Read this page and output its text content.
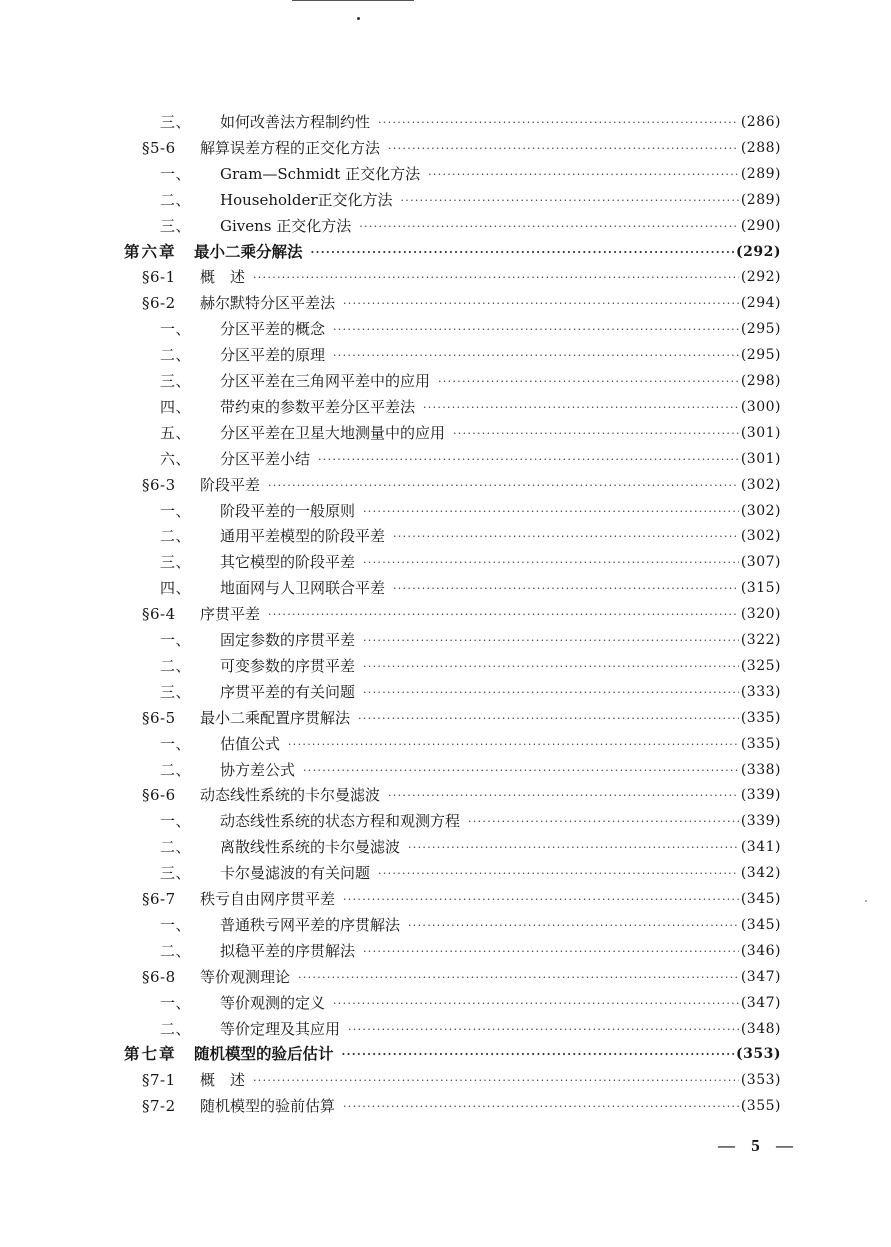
三、	如何改善法方程制约性 ·····	(286)
§5-6	解算误差方程的正交化方法 ·····	(288)
一、	Gram—Schmidt 正交化方法 ·····	(289)
二、	Householder正交化方法 ·····	(289)
三、	Givens 正交化方法 ·····	(290)
第六章	最小二乘分解法 ·····	(292)
§6-1	概　述 ·····	(292)
§6-2	赫尔默特分区平差法 ·····	(294)
一、	分区平差的概念 ·····	(295)
二、	分区平差的原理 ·····	(295)
三、	分区平差在三角网平差中的应用 ·····	(298)
四、	带约束的参数平差分区平差法 ·····	(300)
五、	分区平差在卫星大地测量中的应用 ·····	(301)
六、	分区平差小结 ·····	(301)
§6-3	阶段平差 ·····	(302)
一、	阶段平差的一般原则 ·····	(302)
二、	通用平差模型的阶段平差 ·····	(302)
三、	其它模型的阶段平差 ·····	(307)
四、	地面网与人卫网联合平差 ·····	(315)
§6-4	序贯平差 ·····	(320)
一、	固定参数的序贯平差 ·····	(322)
二、	可变参数的序贯平差 ·····	(325)
三、	序贯平差的有关问题 ·····	(333)
§6-5	最小二乘配置序贯解法 ·····	(335)
一、	估值公式 ·····	(335)
二、	协方差公式 ·····	(338)
§6-6	动态线性系统的卡尔曼滤波 ·····	(339)
一、	动态线性系统的状态方程和观测方程 ·····	(339)
二、	离散线性系统的卡尔曼滤波 ·····	(341)
三、	卡尔曼滤波的有关问题 ·····	(342)
§6-7	秩亏自由网序贯平差 ·····	(345)
一、	普通秩亏网平差的序贯解法 ·····	(345)
二、	拟稳平差的序贯解法 ·····	(346)
§6-8	等价观测理论 ·····	(347)
一、	等价观测的定义 ·····	(347)
二、	等价定理及其应用 ·····	(348)
第七章	随机模型的验后估计 ·····	(353)
§7-1	概　述 ·····	(353)
§7-2	随机模型的验前估算 ·····	(355)
— 5 —
